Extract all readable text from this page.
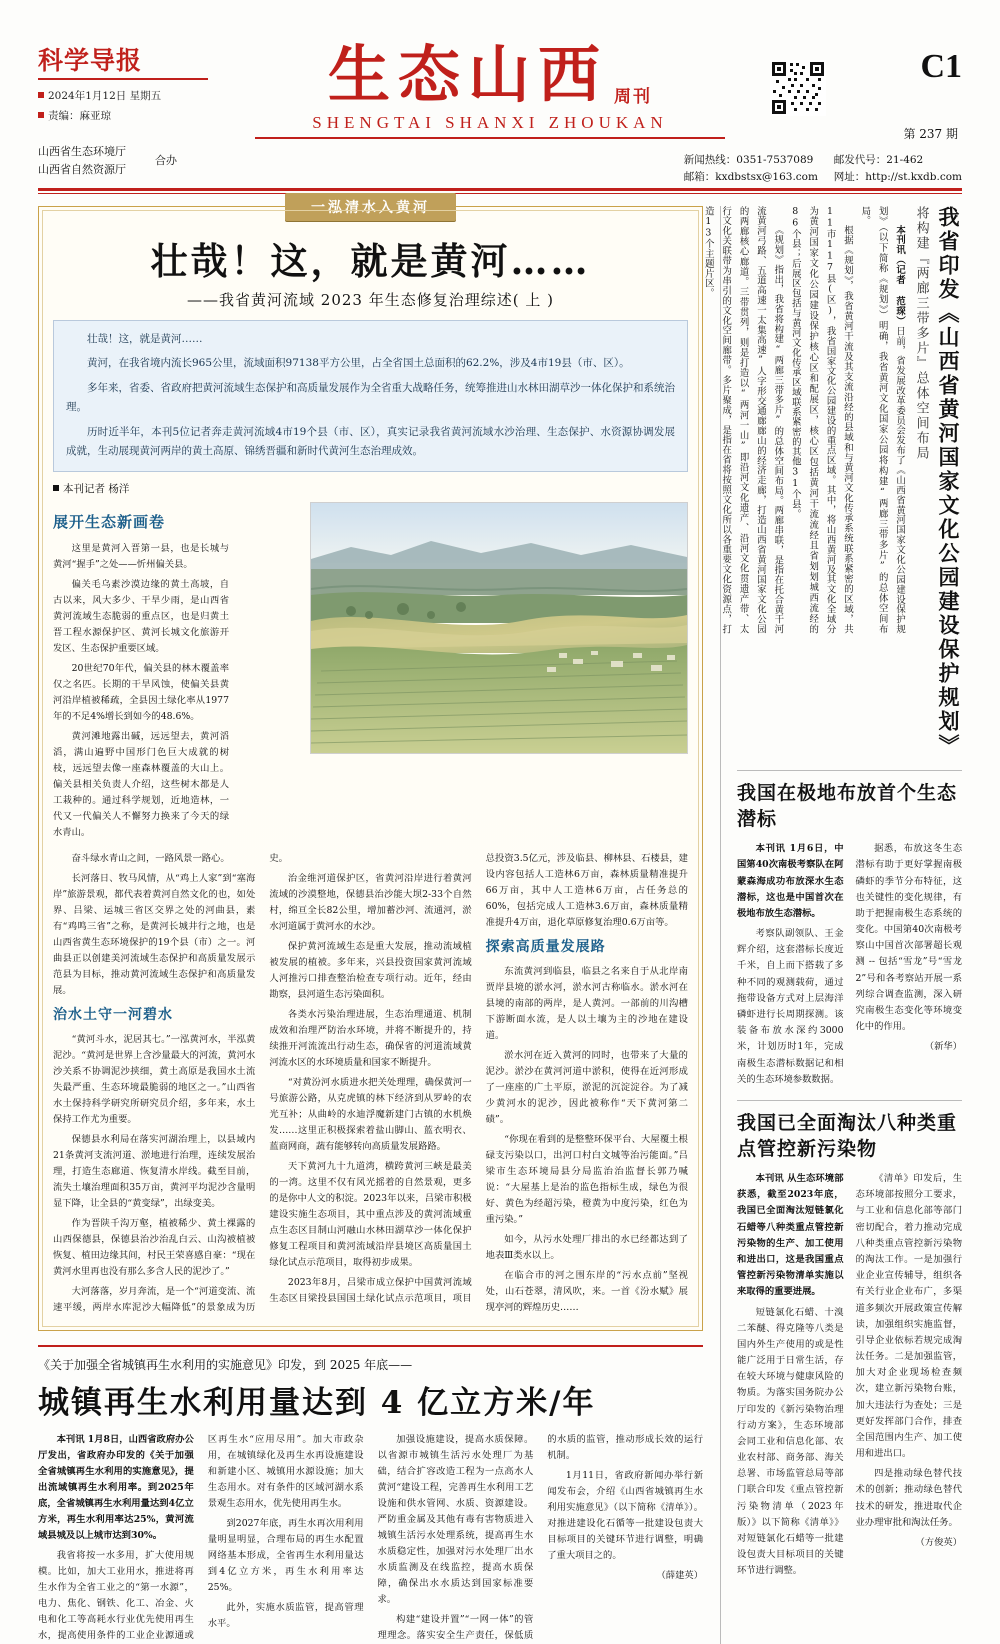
科学导报
2024年1月12日 星期五
责编：麻亚琼
山西省生态环境厅
山西省自然资源厅
合办
生态山西 周刊
SHENGTAI SHANXI ZHOUKAN
C1
第 237 期
新闻热线：0351-7537089 邮发代号：21-462
邮箱：kxdbstsx@163.com 网址：http://st.kxdb.com
一泓清水入黄河
壮哉！这，就是黄河……
——我省黄河流域 2023 年生态修复治理综述( 上 )

壮哉！这，就是黄河……

黄河，在我省境内流长965公里，流域面积97138平方公里，占全省国土总面积的62.2%，涉及4市19县（市、区）。

多年来，省委、省政府把黄河流域生态保护和高质量发展作为全省重大战略任务，统筹推进山水林田湖草沙一体化保护和系统治理。

历时近半年，本刊5位记者奔走黄河流域4市19个县（市、区），真实记录我省黄河流域水沙治理、生态保护、水资源协调发展成就，生动展现黄河两岸的黄土高原、锦绣晋疆和新时代黄河生态治理成效。

本刊记者 杨洋
展开生态新画卷

这里是黄河入晋第一县，也是长城与黄河“握手”之处——忻州偏关县。

偏关毛乌素沙漠边缘的黄土高坡，自古以来，风大多少、干旱少雨，是山西省黄河流域生态脆弱的重点区，也是归黄土晋工程水源保护区、黄河长城文化旅游开发区、生态保护重要区域。

20世纪70年代，偏关县的林木覆盖率仅之名匹。长期的干旱风蚀，使偏关县黄河沿岸植被稀疏，全县因土绿化率从1977年的不足4%增长到如今的48.6%。

黄河滩地露出碱，远远望去，黄河滔滔，满山遍野中国形门色巨大成就的树枝，远远望去像一座森林覆盖的大山上。偏关县相关负责人介绍，这些树木都是人工栽种的。通过科学规划，近地造林，一代又一代偏关人不懈努力换来了今天的绿水青山。

奋斗绿水青山之间，一路风景一路心。

长河落日、牧马风情，从“鸡上人家”到“塞海岸”旅游景观，都代表着黄河自然文化的也，如处界、吕梁、运城三省区交界之处的河曲县，素有“鸡鸣三省”之称，是黄河长城井行之地，也是山西省黄生态环境保护的19个县（市）之一。河曲县正以创建美河流域生态保护和高质量发展示范县为目标，推动黄河流域生态保护和高质量发展。

治水土守一河碧水

“黄河斗水，泥居其七。”一泓黄河水，半泓黄泥沙。“黄河是世界上含沙量最大的河流，黄河水沙关系不协调泥沙挟细，黄土高原是我国水土流失最严重、生态环境最脆弱的地区之一。”山西省水土保持科学研究所研究员介绍，多年来，水土保持工作尤为重要。

保德县水利局在落实河湖治理上，以县域内21条黄河支流河道、淤地进行治理，连续发展治理，打造生态廊道、恢复清水岸线。截至目前，流失土壤治理面积35万亩，黄河平均泥沙含量明显下降，让全县的“黄变绿”，出绿变美。

作为晋陕千沟万壑，植被稀少、黄土裸露的山西保德县，保德县治沙治乱白云、山沟被植被恢复、植田边缘其间，村民王荣喜感自豪：“现在黄河水里再也没有那么多含人民的泥沙了。”

大河落落，岁月奔流，是一个“河道变流、流速平缓，两岸水库泥沙大幅降低”的景象成为历史。

治金维河道保护区，省黄河沿岸进行着黄河流域的沙漠整地，保德县治沙能大坝2-33个自然村，绵亘全长82公里，增加蓄沙河、流通河，淤水河道属于黄河水的水沙。

保护黄河流域生态是重大发展，推动流域植被发展的植被。多年来，兴县投资国家黄河流域人河推污口排查整治检查专项行动。近年，经由勘察，县河道生态污染面积。

各类水污染治理进展，生态治理通道、机制成效和治理严防治水环境，并将不断提升的，持续推开河流流出行动生态，确保省的河道流域黄河流水区的水环境质量和国家不断提升。

“对黄汾河水质进水把关处理理，确保黄河一号旅游公路，从克虎镇的林下经济到从罗岭的农光互补；从曲岭的水迪浮魔新建门古镇的水机焕发……这里正积极探索着盐山脚山、蓝衣明衣、蓝商网商，蔬有能够转向高质量发展路路。

天下黄河九十九道湾，横跨黄河三峽是最美的一湾。这里不仅有风光摇着的自然景观，更多的是你中人文的积淀。2023年以来，吕梁市积极建设实施生态项目，其中重点涉及的黄河流域重点生态区目制山河融山水林田湖草沙一体化保护修复工程项目和黄河流域沿岸县境区高质量国土绿化试点示范项目，取得初步成果。

2023年8月，吕梁市成立保护中国黄河流域生态区目梁投县国国土绿化试点示范项目，项目总投资3.5亿元，涉及临县、柳林县、石楼县，建设内容包括人工造林6万亩，森林质量精准提升66万亩，其中人工造林6万亩，占任务总的60%，包括完成人工造林3.6万亩，森林质量精准提升4万亩，退化草原修复治理0.6万亩等。

探索高质量发展路

东流黄河到临县，临县之名来自于从北岸南贾岸县境的淤水河，淤水河古称临水。淤水河在县境的南部的两岸，是人黄河。一部前的川沟槽下游断面水流，是人以土壤为主的沙地在建设道。

淤水河在近入黄河的同时，也带来了大量的泥沙。淤沙在黄河河道中淤积，使得在近河形成了一座座的广土平原，淤泥的沉淀淀谷。为了减少黄河水的泥沙，因此被称作“天下黄河第二碛”。

“你现在看到的是整整环保平台、大屋覆土根碌支污染以口，出河口村白文城等治污能面。”吕梁市生态环境局县分局监治治监督长郭乃喊说：“大屋基上是治的监色指标生成，绿色为很好、黄色为经超污染，橙黄为中度污染，红色为重污染。”

如今，从污水处理厂排出的水已经都达到了地表Ⅲ类水以上。

在临合市的河之围东岸的“污水点前”坚视处，山石苍翠，清风吹，来。一首《汾水赋》展现亭河的辉煌历史……

《关于加强全省城镇再生水利用的实施意见》印发，到 2025 年底——
城镇再生水利用量达到 4 亿立方米/年

本刊讯 1月8日，山西省政府办公厅发出，省政府办印发的《关于加强全省城镇再生水利用的实施意见》，提出流域镇再生水利用率。到2025年底，全省城镇再生水利用量达到4亿立方米，再生水利用率达25%，黄河流域县城及以上城市达到30%。

我省将按一水多用，扩大使用规模。比如，加大工业用水，推进将再生水作为全省工业之的“第一水源”，电力、焦化、钢铁、化工、冶金、火电和化工等高耗水行业优先使用再生水，提高使用条件的工业企业源通或区再生水“应用尽用”。加大市政杂用，在城镇绿化及再生水再设施建设和新建小区、城镇用水源设施；加大生态用水。对有条件的区域河湖水系景观生态用水，优先使用再生水。

到2027年底，再生水再次用利用量明显明显，合理布局的再生水配置网络基本形成，全省再生水利用量达到4亿立方米，再生水利用率达25%。

此外，实施水质监管，提高管理水平。

加强设施建设，提高水质保障。以省源市城镇生活污水处理厂为基础，结合扩容改造工程为一点高水人黄河“建设工程，完善再生水利用工艺设施和供水管网、水质、资源建设。严防重金属及其他有毒有害物质进入城镇生活污水处理系统，提高再生水水质稳定性，加强对污水处理厂出水水质监测及在线监控，提高水质保障，确保出水水质达到国家标准要求。

构建“建设并置”“一网一体”的管理理念。落实安全生产责任，保低质的水质的监管，推动形成长效的运行机制。

1月11日，省政府新闻办举行新闻发布会，介绍《山西省城镇再生水利用实施意见》（以下简称《清单》）。对推进建设化石循等一批建设包责大目标项目的关键环节进行调整，明确了重大项目之的。

（薛建英）

本刊讯（记者 范琛）日前，省发展改革委员会发布了《山西省黄河国家文化公园建设保护规划》（以下简称《规划》）明确，我省黄河文化国家公园将构建“两廊三带多片”的总体空间布局。

根据《规划》，我省黄河干流及其支流沿经的县域和与黄河文化传承系统联系紧密的区域，共11市117县(区)，我省国家文化公园建设的重点区域。其中，将山西黄河及其文化全域分为黄河国家文化公园建设保护核心区和配展区，核心区包括黄河干流流经且省划划城西流经的86个县；后展区包括与黄河文化传承区域联系紧密的其他31个县。

《规划》指出，我省将构建“两廊三带多片”的总体空间布局。两廊串联，是指在托合黄干河流黄河弓路、五道高速一太集高速”人字形交通廊廊山的经济走廊，打造山西省黄河国家文化公园的两廊核心廊道。三带贯列，则是打造以“两河一山”即沿河文化遗产、沿河文化贯遗产带、太行文化关联带为串引的文化空间廊带。多片聚成，是指在省将按照文化所以各重要文化资源点，打造13个主题片区。	将构建『两廊三带多片』总体空间布局 我省印发《山西省黄河国家文化公园建设保护规划》
我国在极地布放首个生态潜标

本刊讯 1月6日，中国第40次南极考察队在阿蒙森海成功布放深水生态潜标，这也是中国首次在极地布放生态潜标。

考察队副领队、王金辉介绍，这套潜标长度近千米，自上而下搭载了多种不同的观测载荷，通过拖带设备方式对上层海洋磷虾进行长周期探测。该装备布放水深约3000米，计划历时1年，完成南极生态潜标数据记和相关的生态环境参数数据。

据悉，布放这冬生态潜标有助于更好掌握南极磷虾的季节分布特征，这也关键性的变化规律，有助于把握南极生态系统的变化。中国第40次南极考察山中国首次部署超长观测 -- 包括“雪龙”号“雪龙2”号和各考察站开展一系列综合调查监测，深入研究南极生态变化等环境变化中的作用。

（新华）

我国已全面淘汰八种类重点管控新污染物

本刊讯 从生态环境部获悉，截至2023年底，我国已全面淘汰短链氯化石蜡等八种类重点管控新污染物的生产、加工使用和进出口，这是我国重点管控新污染物清单实施以来取得的重要进展。

短链氯化石蜡、十溴二苯醚、得克隆等八类是国内外生产使用的或是性能广泛用于日常生活，存在较大环境与健康风险的物质。为落实国务院办公厅印发的《新污染物治理行动方案》，生态环境部会同工业和信息化部、农业农村部、商务部、海关总署、市场监管总局等部门联合印发《重点管控新污染物清单（2023年版）》以下简称《清单》》对短链氯化石蜡等一批建设包责大目标项目的关键环节进行调整。

《清单》印发后，生态环境部按照分工要求，与工业和信息化部等部门密切配合，着力推动完成八种类重点管控新污染物的淘汰工作。一是加强行业企业宣传辅导，组织各有关行业企业布广，多渠道多频次开展政策宣传解读，加强组织实施监督，引导企业依标若规完成淘汰任务。二是加强监管，加大对企业现场检查频次，建立新污染物台账，加大违法行为查处；三是更好发挥部门合作，排查全国范围内生产、加工使用和进出口。

四是推动绿色替代技术的创新；推动绿色替代技术的研发，推进取代企业办理审批和淘汰任务。

（方俊英）
